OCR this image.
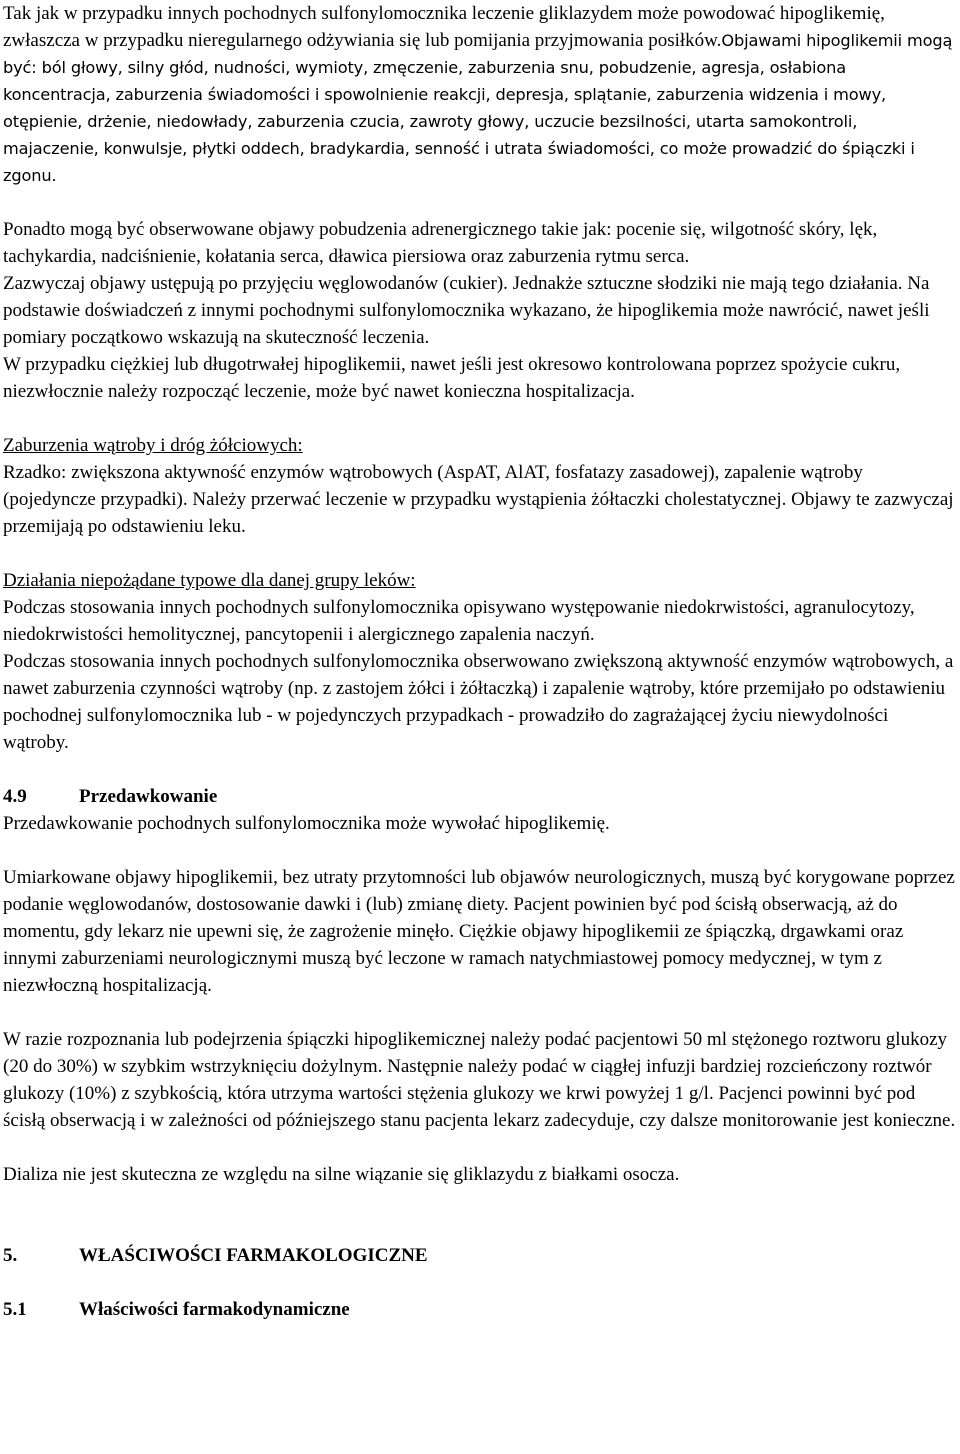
Tak jak w przypadku innych pochodnych sulfonylomocznika leczenie gliklazydem może powodować hipoglikemię, zwłaszcza w przypadku nieregularnego odżywiania się lub pomijania przyjmowania posiłków. Objawami hipoglikemii mogą być: ból głowy, silny głód, nudności, wymioty, zmęczenie, zaburzenia snu, pobudzenie, agresja, osłabiona koncentracja, zaburzenia świadomości i spowolnienie reakcji, depresja, splątanie, zaburzenia widzenia i mowy, otępienie, drżenie, niedowłady, zaburzenia czucia, zawroty głowy, uczucie bezsilności, utarta samokontroli, majaczenie, konwulsje, płytki oddech, bradykardia, senność i utrata świadomości, co może prowadzić do śpiączki i zgonu.

Ponadto mogą być obserwowane objawy pobudzenia adrenergicznego takie jak: pocenie się, wilgotność skóry, lęk, tachykardia, nadciśnienie, kołatania serca, dławica piersiowa oraz zaburzenia rytmu serca.

Zazwyczaj objawy ustępują po przyjęciu węglowodanów (cukier). Jednakże sztuczne słodziki nie mają tego działania. Na podstawie doświadczeń z innymi pochodnymi sulfonylomocznika wykazano, że hipoglikemia może nawrócić, nawet jeśli pomiary początkowo wskazują na skuteczność leczenia.

W przypadku ciężkiej lub długotrwałej hipoglikemii, nawet jeśli jest okresowo kontrolowana poprzez spożycie cukru, niezwłocznie należy rozpocząć leczenie, może być nawet konieczna hospitalizacja.

Zaburzenia wątroby i dróg żółciowych:

Rzadko: zwiększona aktywność enzymów wątrobowych (AspAT, AlAT, fosfatazy zasadowej), zapalenie wątroby (pojedyncze przypadki). Należy przerwać leczenie w przypadku wystąpienia żółtaczki cholestatycznej. Objawy te zazwyczaj przemijają po odstawieniu leku.

Działania niepożądane typowe dla danej grupy leków:

Podczas stosowania innych pochodnych sulfonylomocznika opisywano występowanie niedokrwistości, agranulocytozy, niedokrwistości hemolitycznej, pancytopenii i alergicznego zapalenia naczyń.

Podczas stosowania innych pochodnych sulfonylomocznika obserwowano zwiększoną aktywność enzymów wątrobowych, a nawet zaburzenia czynności wątroby (np. z zastojem żółci i żółtaczką) i zapalenie wątroby, które przemijało po odstawieniu pochodnej sulfonylomocznika lub - w pojedynczych przypadkach - prowadziło do zagrażającej życiu niewydolności wątroby.

4.9	Przedawkowanie

Przedawkowanie pochodnych sulfonylomocznika może wywołać hipoglikemię.

Umiarkowane objawy hipoglikemii, bez utraty przytomności lub objawów neurologicznych, muszą być korygowane poprzez podanie węglowodanów, dostosowanie dawki i (lub) zmianę diety. Pacjent powinien być pod ścisłą obserwacją, aż do momentu, gdy lekarz nie upewni się, że zagrożenie minęło. Ciężkie objawy hipoglikemii ze śpiączką, drgawkami oraz innymi zaburzeniami neurologicznymi muszą być leczone w ramach natychmiastowej pomocy medycznej, w tym z niezwłoczną hospitalizacją.

W razie rozpoznania lub podejrzenia śpiączki hipoglikemicznej należy podać pacjentowi 50 ml stężonego roztworu glukozy (20 do 30%) w szybkim wstrzyknięciu dożylnym. Następnie należy podać w ciągłej infuzji bardziej rozcieńczony roztwór glukozy (10%) z szybkością, która utrzyma wartości stężenia glukozy we krwi powyżej 1 g/l. Pacjenci powinni być pod ścisłą obserwacją i w zależności od późniejszego stanu pacjenta lekarz zadecyduje, czy dalsze monitorowanie jest konieczne.

Dializa nie jest skuteczna ze względu na silne wiązanie się gliklazydu z białkami osocza.

5.	WŁAŚCIWOŚCI FARMAKOLOGICZNE

5.1	Właściwości farmakodynamiczne
